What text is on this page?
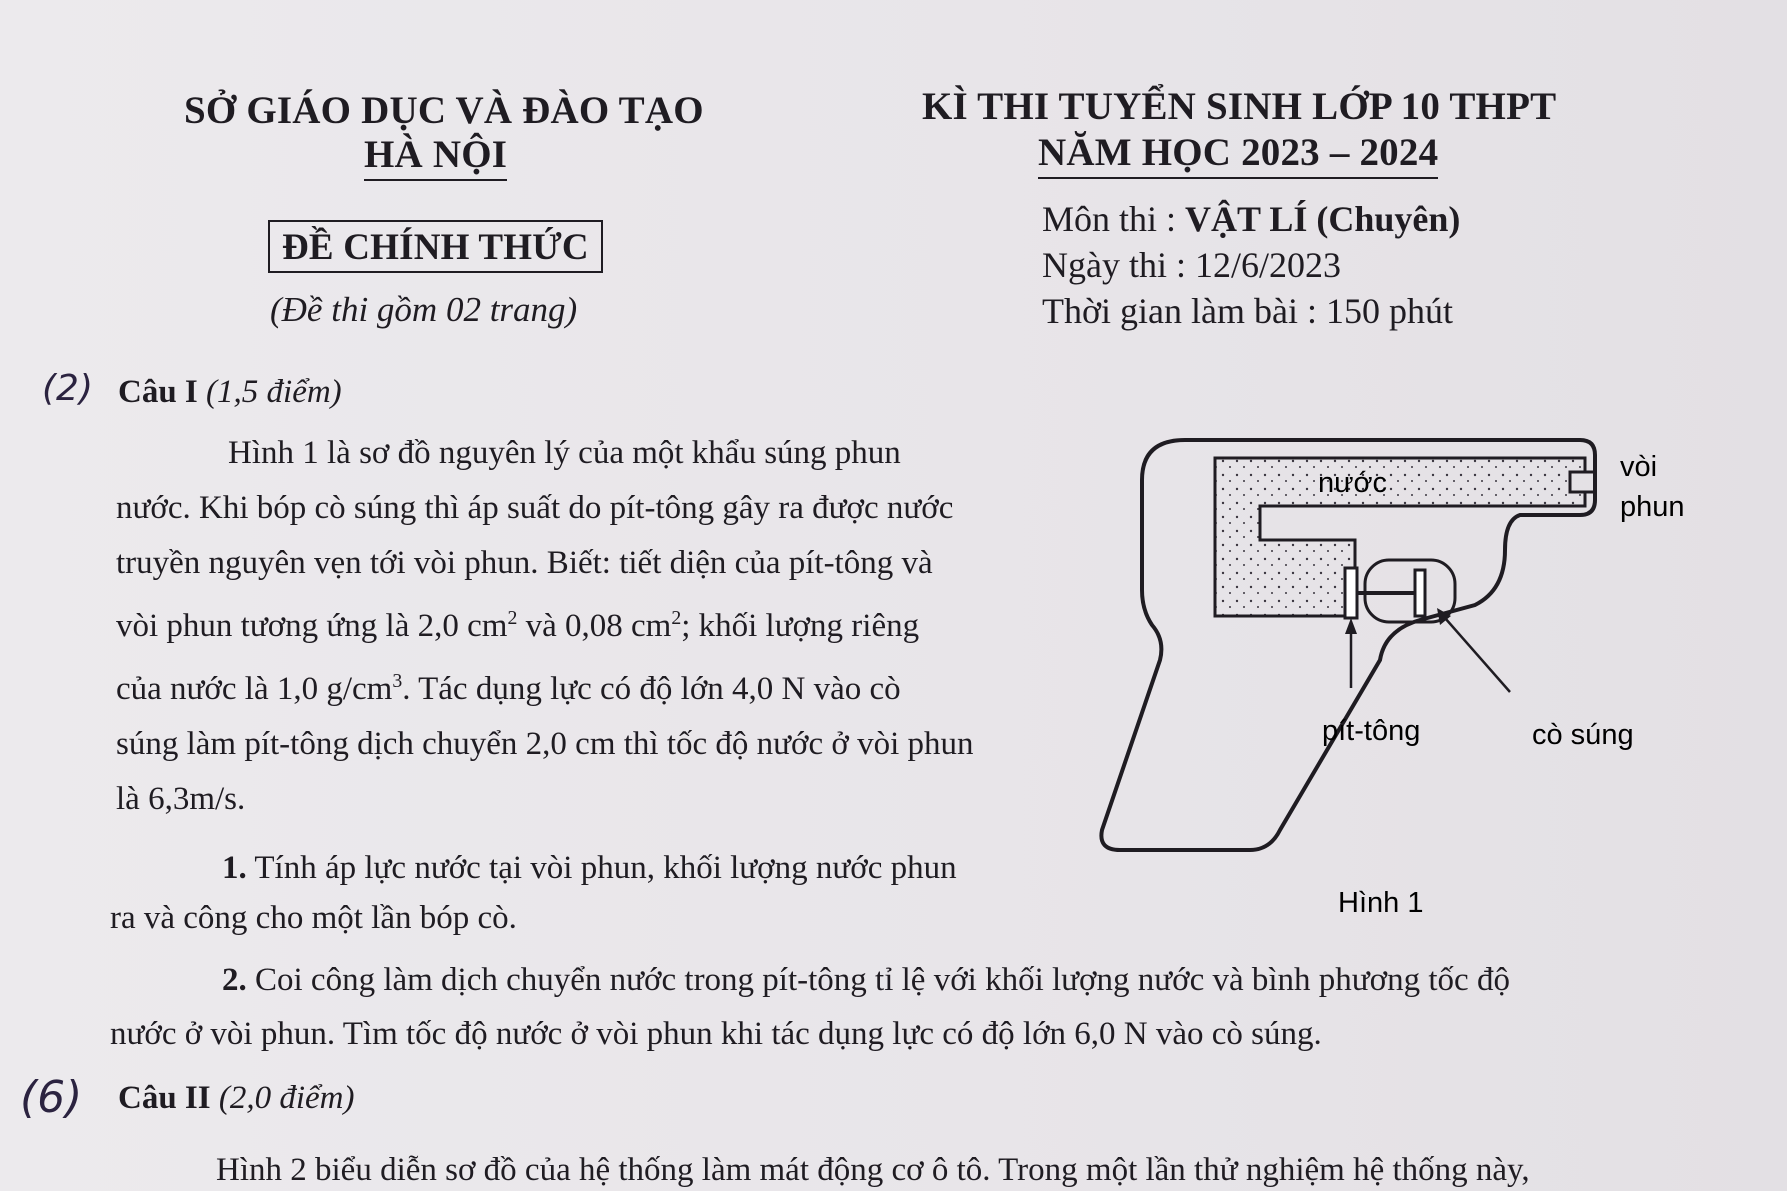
SỞ GIÁO DỤC VÀ ĐÀO TẠO
HÀ NỘI
ĐỀ CHÍNH THỨC
(Đề thi gồm 02 trang)
KÌ THI TUYỂN SINH LỚP 10 THPT
NĂM HỌC 2023 – 2024
Môn thi : VẬT LÍ (Chuyên)
Ngày thi : 12/6/2023
Thời gian làm bài : 150 phút
(2)
(6)
Câu I (1,5 điểm)
Hình 1 là sơ đồ nguyên lý của một khẩu súng phun
nước. Khi bóp cò súng thì áp suất do pít-tông gây ra được nước
truyền nguyên vẹn tới vòi phun. Biết: tiết diện của pít-tông và
vòi phun tương ứng là 2,0 $cm^2$ và 0,08 $cm^2$; khối lượng riêng
của nước là 1,0 $g/cm^3$. Tác dụng lực có độ lớn 4,0 N vào cò
súng làm pít-tông dịch chuyển 2,0 cm thì tốc độ nước ở vòi phun
là 6,3m/s.
1. Tính áp lực nước tại vòi phun, khối lượng nước phun
ra và công cho một lần bóp cò.
2. Coi công làm dịch chuyển nước trong pít-tông tỉ lệ với khối lượng nước và bình phương tốc độ
nước ở vòi phun. Tìm tốc độ nước ở vòi phun khi tác dụng lực có độ lớn 6,0 N vào cò súng.
Câu II (2,0 điểm)
Hình 2 biểu diễn sơ đồ của hệ thống làm mát động cơ ô tô. Trong một lần thử nghiệm hệ thống này,
nước	vòi
phun
pít-tông	cò súng
Hình 1
